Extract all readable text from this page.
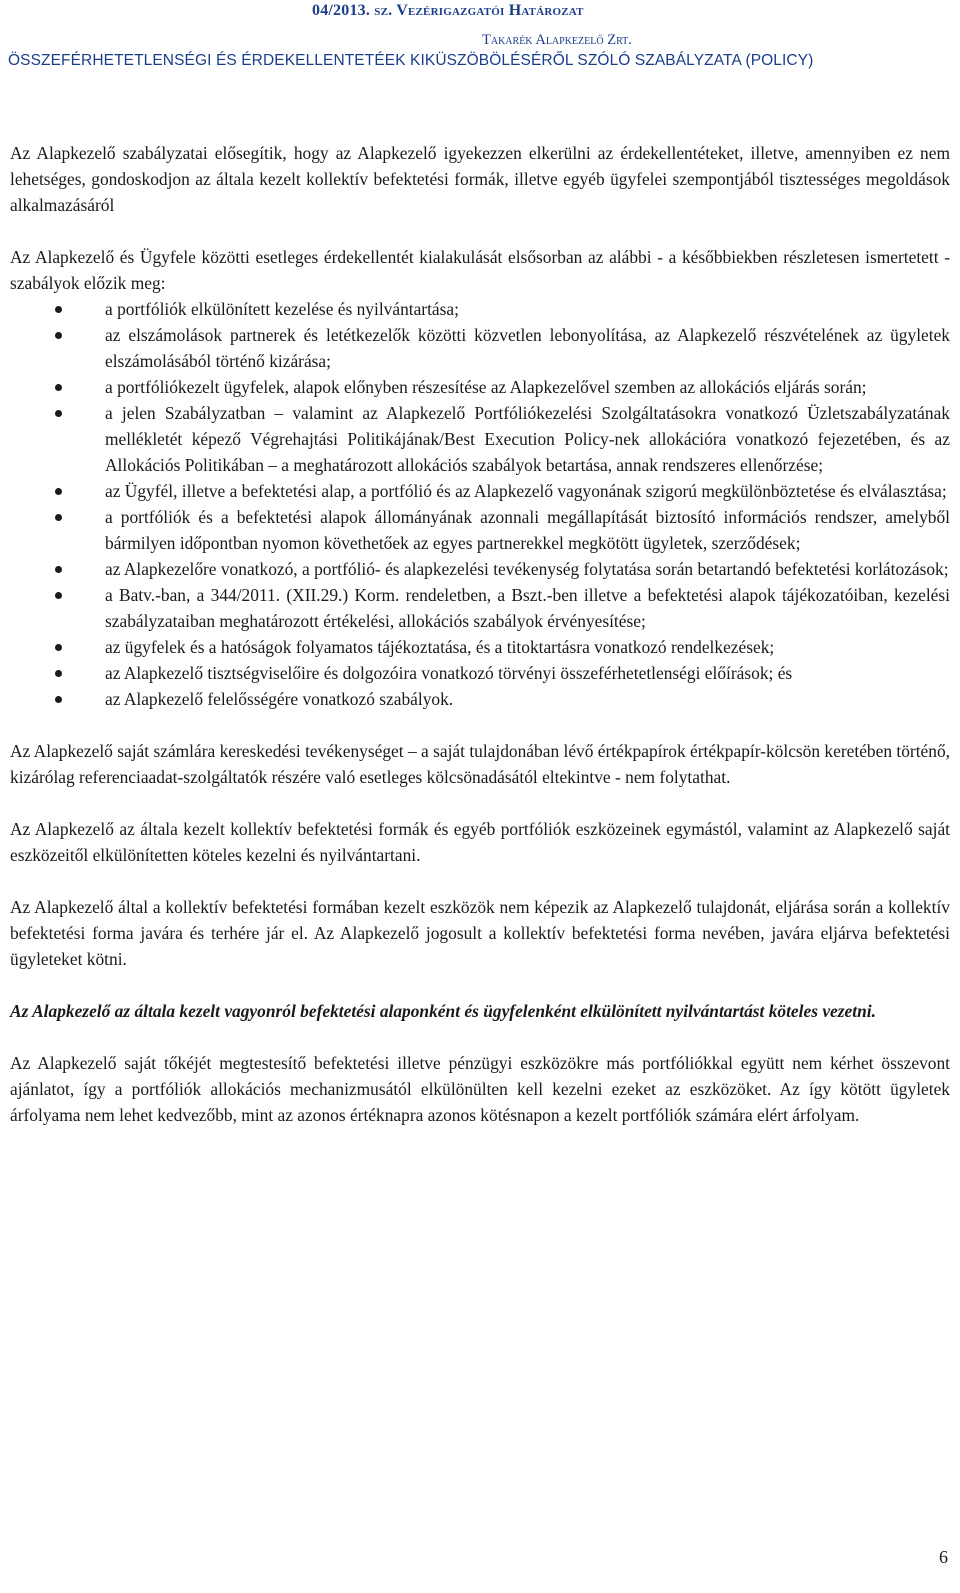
04/2013. sz. Vezérigazgatói Határozat
Takarék Alapkezelő Zrt.
ÖSSZEFÉRHETETLENSÉGI ÉS ÉRDEKELLENTETÉEK KIKÜSZÖBÖLÉSÉRŐL SZÓLÓ SZABÁLYZATA (POLICY)

Az Alapkezelő szabályzatai elősegítik, hogy az Alapkezelő igyekezzen elkerülni az érdekellentéteket, illetve, amennyiben ez nem lehetséges, gondoskodjon az általa kezelt kollektív befektetési formák, illetve egyéb ügyfelei szempontjából tisztességes megoldások alkalmazásáról

Az Alapkezelő és Ügyfele közötti esetleges érdekellentét kialakulását elsősorban az alábbi - a későbbiekben részletesen ismertetett - szabályok előzik meg:

a portfóliók elkülönített kezelése és nyilvántartása;
az elszámolások partnerek és letétkezelők közötti közvetlen lebonyolítása, az Alapkezelő részvételének az ügyletek elszámolásából történő kizárása;
a portfóliókezelt ügyfelek, alapok előnyben részesítése az Alapkezelővel szemben az allokációs eljárás során;
a jelen Szabályzatban – valamint az Alapkezelő Portfóliókezelési Szolgáltatásokra vonatkozó Üzletszabályzatának mellékletét képező Végrehajtási Politikájának/Best Execution Policy-nek allokációra vonatkozó fejezetében, és az Allokációs Politikában – a meghatározott allokációs szabályok betartása, annak rendszeres ellenőrzése;
az Ügyfél, illetve a befektetési alap, a portfólió és az Alapkezelő vagyonának szigorú megkülönböztetése és elválasztása;
a portfóliók és a befektetési alapok állományának azonnali megállapítását biztosító információs rendszer, amelyből bármilyen időpontban nyomon követhetőek az egyes partnerekkel megkötött ügyletek, szerződések;
az Alapkezelőre vonatkozó, a portfólió- és alapkezelési tevékenység folytatása során betartandó befektetési korlátozások;
a Batv.-ban, a 344/2011. (XII.29.) Korm. rendeletben, a Bszt.-ben illetve a befektetési alapok tájékozatóiban, kezelési szabályzataiban meghatározott értékelési, allokációs szabályok érvényesítése;
az ügyfelek és a hatóságok folyamatos tájékoztatása, és a titoktartásra vonatkozó rendelkezések;
az Alapkezelő tisztségviselőire és dolgozóira vonatkozó törvényi összeférhetetlenségi előírások; és
az Alapkezelő felelősségére vonatkozó szabályok.

Az Alapkezelő saját számlára kereskedési tevékenységet – a saját tulajdonában lévő értékpapírok értékpapír-kölcsön keretében történő, kizárólag referenciaadat-szolgáltatók részére való esetleges kölcsönadásától eltekintve - nem folytathat.

Az Alapkezelő az általa kezelt kollektív befektetési formák és egyéb portfóliók eszközeinek egymástól, valamint az Alapkezelő saját eszközeitől elkülönítetten köteles kezelni és nyilvántartani.

Az Alapkezelő által a kollektív befektetési formában kezelt eszközök nem képezik az Alapkezelő tulajdonát, eljárása során a kollektív befektetési forma javára és terhére jár el. Az Alapkezelő jogosult a kollektív befektetési forma nevében, javára eljárva befektetési ügyleteket kötni.

Az Alapkezelő az általa kezelt vagyonról befektetési alaponként és ügyfelenként elkülönített nyilvántartást köteles vezetni.

Az Alapkezelő saját tőkéjét megtestesítő befektetési illetve pénzügyi eszközökre más portfóliókkal együtt nem kérhet összevont ajánlatot, így a portfóliók allokációs mechanizmusától elkülönülten kell kezelni ezeket az eszközöket. Az így kötött ügyletek árfolyama nem lehet kedvezőbb, mint az azonos értéknapra azonos kötésnapon a kezelt portfóliók számára elért árfolyam.

6
